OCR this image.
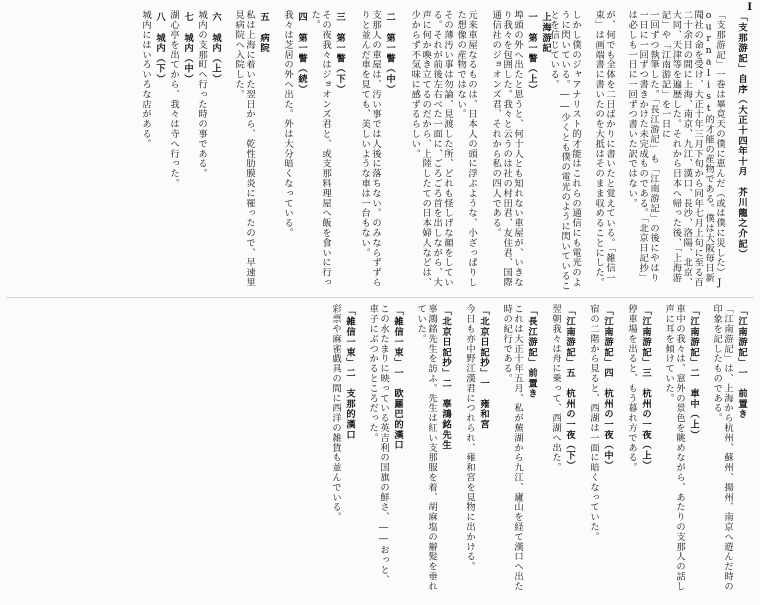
Ⅰ
「支那游記」自序（大正十四年十月　芥川龍之介記）
「支那游記」一巻は畢竟天の僕に恵んだ（或は僕に災した）Journalist的才能の産物である。僕は大阪毎日新聞社の命を受け、大正十年三月下旬から同年七月上旬に至る百二十余日の間に上海、南京、九江、漢口、長沙、洛陽、北京、大同、天津等を遍歴した。それから日本へ帰った後、「上海游記」や「江南游記」を一日に
一回ずつ執筆した。「長江游記」も「江南游記」の後にやはり一日に一回ずつ書きかけた未完成ものである。「北京日記抄」は必しも一日に一回ずつ書いた訳ではない。
が、何でも全体を二日ばかりに書いたと覚えている。「雑信一束」は画端書に書いたのを大抵はそのまま収めることにした。
しかし僕のジャアナリスト的才能はこれらの通信にも電光のように閃いている。――少くとも僕の電光のように閃いていることを信じている。
上海游記
一　第一瞥（上）
埠頭の外へ出たと思うと、何十人とも知れない車屋が、いきなり我々を包囲した。我々と云うのは社の村田君、友住君、国際通信社のジョオンズ君、それから私の四人である。
元来車屋なるものは、日本人の頭に浮ぶような、小ざっぱりした想像の産物ではない。
その薄汚い事は勿論、見渡した所、どれも怪しげな顔をしている。それが前後左右べた一面に、ごろごろ首を出しながら、大声に何か喚き立てるのだから、上陸したての日本婦人などは、少からず不気味に感ずるらしい。
二　第一瞥（中）
支那人の車屋は、汚い事では人後に落ちない。のみならずずらりと並んだ車を見ても、美しいような車は一台もない。
三　第一瞥（下）
その夜我々はジョオンズ君と、或支那料理屋へ飯を食いに行った。
四　第一瞥（続）
我々は芝居の外へ出た。外は大分暗くなっている。
五　病院
私は上海に着いた翌日から、乾性肋膜炎に罹ったので、早速里見病院へ入院した。
六　城内（上）
城内の支那町へ行った時の事である。
七　城内（中）
湖心亭を出てから、我々は寺へ行った。
八　城内（下）
城内にはいろいろな店がある。
「江南游記」一　前置き
「江南游記」は、上海から杭州、蘇州、揚州、南京へ遊んだ時の印象を記したものである。
「江南游記」二　車中（上）
車中の我々は、窓外の景色を眺めながら、あたりの支那人の話し声に耳を傾けていた。
「江南游記」三　杭州の一夜（上）
停車場を出ると、もう暮れ方である。
「江南游記」四　杭州の一夜（中）
宿の二階から見ると、西湖は一面に暗くなっていた。
「江南游記」五　杭州の一夜（下）
翌朝我々は舟に乗って、西湖へ出た。
「長江游記」前置き
これは大正十年五月、私が蕪湖から九江、廬山を経て漢口へ出た時の紀行である。
「北京日記抄」一　雍和宮
今日も亦中野江漢君につれられ、雍和宮を見物に出かける。
「北京日記抄」二　辜鴻銘先生
辜鴻銘先生を訪ふ。先生は紅い支那服を着、胡麻塩の辮髪を垂れていた。
「雑信一束」一　欧羅巴的漢口
この水たまりに映っている英吉利の国旗の鮮さ、――おっと、車子にぶつかるところだった。
「雑信一束」二　支那的漢口
彩票や麻雀戯具の間に西洋の雑貨も並んでいる。
